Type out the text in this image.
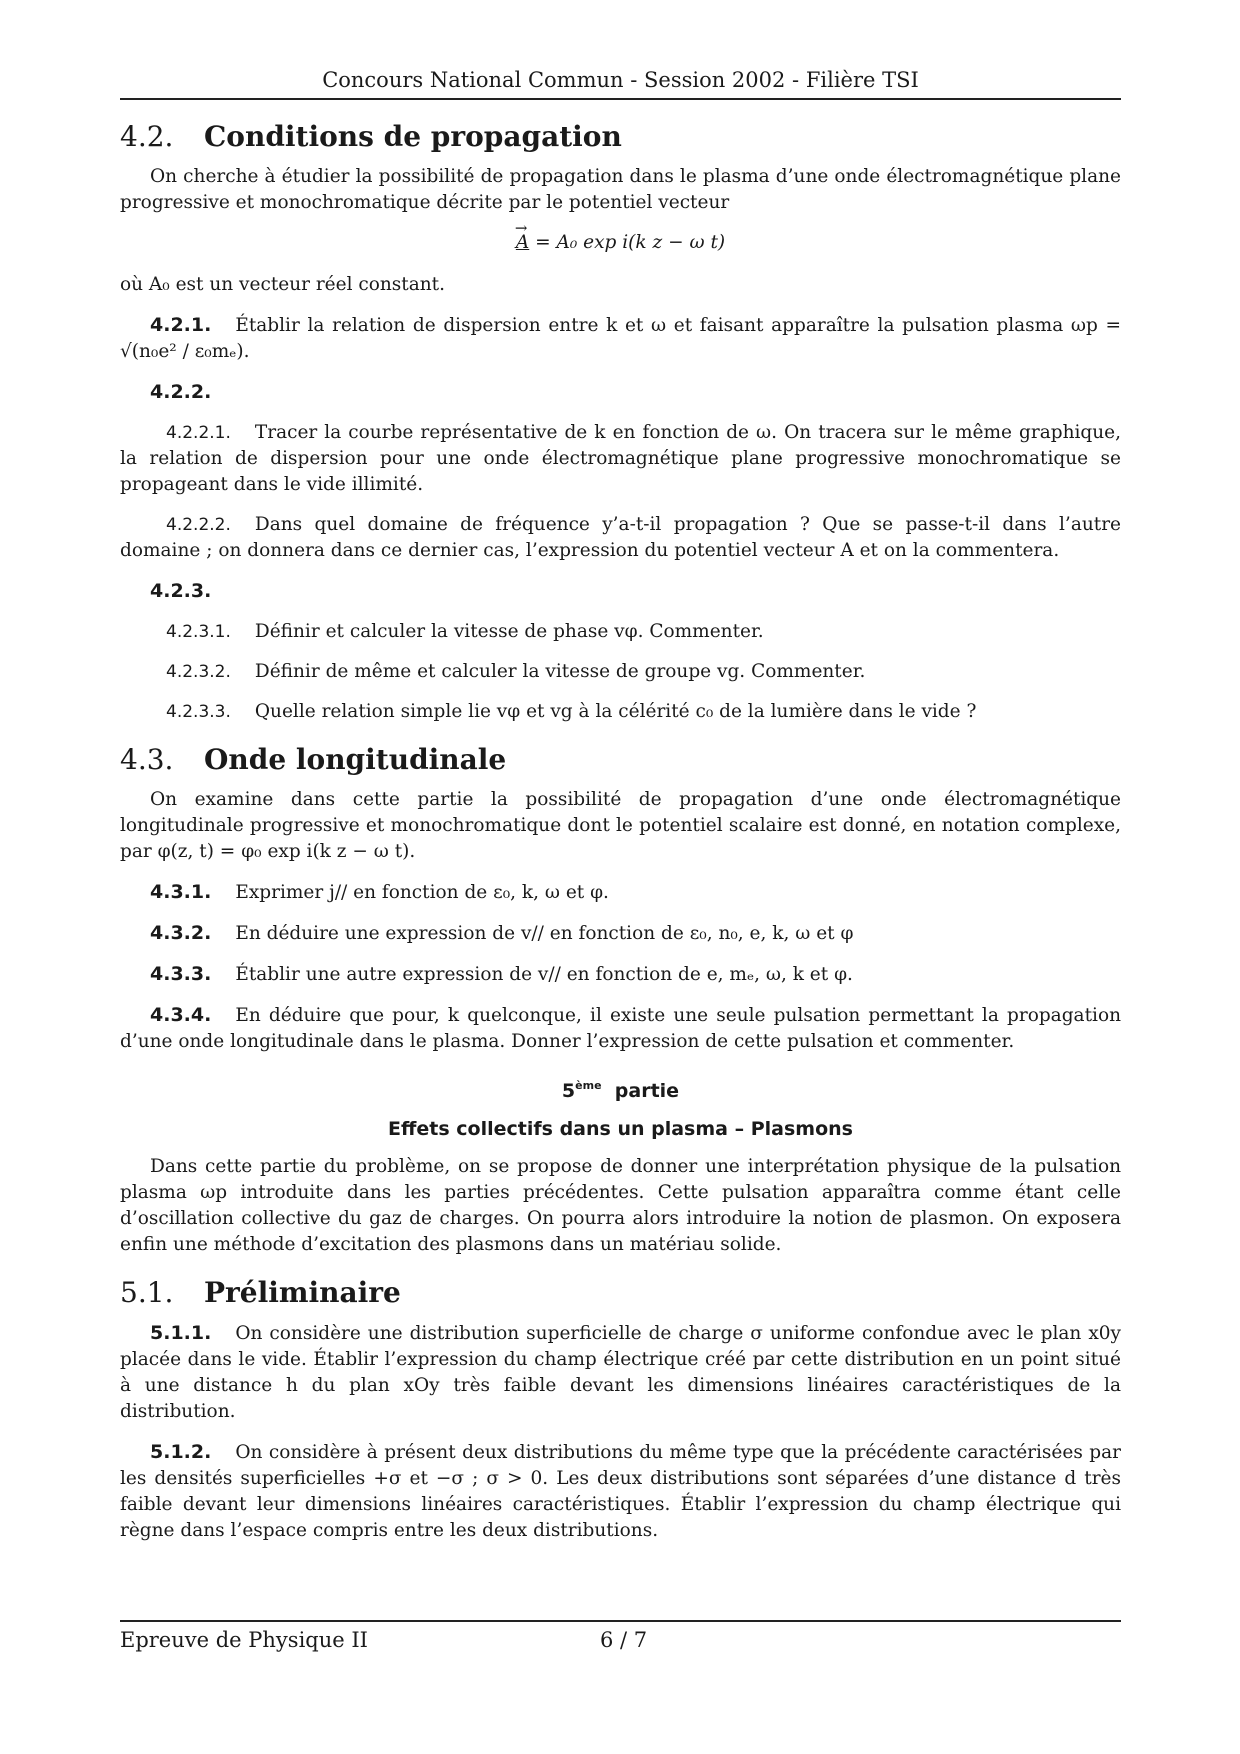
Concours National Commun - Session 2002 - Filière TSI
4.2. Conditions de propagation

On cherche à étudier la possibilité de propagation dans le plasma d’une onde électromagnétique plane progressive et monochromatique décrite par le potentiel vecteur

→ A = A₀ exp i(k z − ω t)

où A₀ est un vecteur réel constant.

4.2.1. Établir la relation de dispersion entre k et ω et faisant apparaître la pulsation plasma ωp = √(n₀e² / ε₀mₑ).

4.2.2.

4.2.2.1. Tracer la courbe représentative de k en fonction de ω. On tracera sur le même graphique, la relation de dispersion pour une onde électromagnétique plane progressive monochromatique se propageant dans le vide illimité.

4.2.2.2. Dans quel domaine de fréquence y’a-t-il propagation ? Que se passe-t-il dans l’autre domaine ; on donnera dans ce dernier cas, l’expression du potentiel vecteur A et on la commentera.

4.2.3.

4.2.3.1. Définir et calculer la vitesse de phase vφ. Commenter.

4.2.3.2. Définir de même et calculer la vitesse de groupe vg. Commenter.

4.2.3.3. Quelle relation simple lie vφ et vg à la célérité c₀ de la lumière dans le vide ?

4.3. Onde longitudinale

On examine dans cette partie la possibilité de propagation d’une onde électromagnétique longitudinale progressive et monochromatique dont le potentiel scalaire est donné, en notation complexe, par φ(z, t) = φ₀ exp i(k z − ω t).

4.3.1. Exprimer j// en fonction de ε₀, k, ω et φ.

4.3.2. En déduire une expression de v// en fonction de ε₀, n₀, e, k, ω et φ

4.3.3. Établir une autre expression de v// en fonction de e, mₑ, ω, k et φ.

4.3.4. En déduire que pour, k quelconque, il existe une seule pulsation permettant la propagation d’une onde longitudinale dans le plasma. Donner l’expression de cette pulsation et commenter.

5ème partie
Effets collectifs dans un plasma – Plasmons

Dans cette partie du problème, on se propose de donner une interprétation physique de la pulsation plasma ωp introduite dans les parties précédentes. Cette pulsation apparaîtra comme étant celle d’oscillation collective du gaz de charges. On pourra alors introduire la notion de plasmon. On exposera enfin une méthode d’excitation des plasmons dans un matériau solide.

5.1. Préliminaire

5.1.1. On considère une distribution superficielle de charge σ uniforme confondue avec le plan x0y placée dans le vide. Établir l’expression du champ électrique créé par cette distribution en un point situé à une distance h du plan xOy très faible devant les dimensions linéaires caractéristiques de la distribution.

5.1.2. On considère à présent deux distributions du même type que la précédente caractérisées par les densités superficielles +σ et −σ ; σ > 0. Les deux distributions sont séparées d’une distance d très faible devant leur dimensions linéaires caractéristiques. Établir l’expression du champ électrique qui règne dans l’espace compris entre les deux distributions.

Epreuve de Physique II	6 / 7
